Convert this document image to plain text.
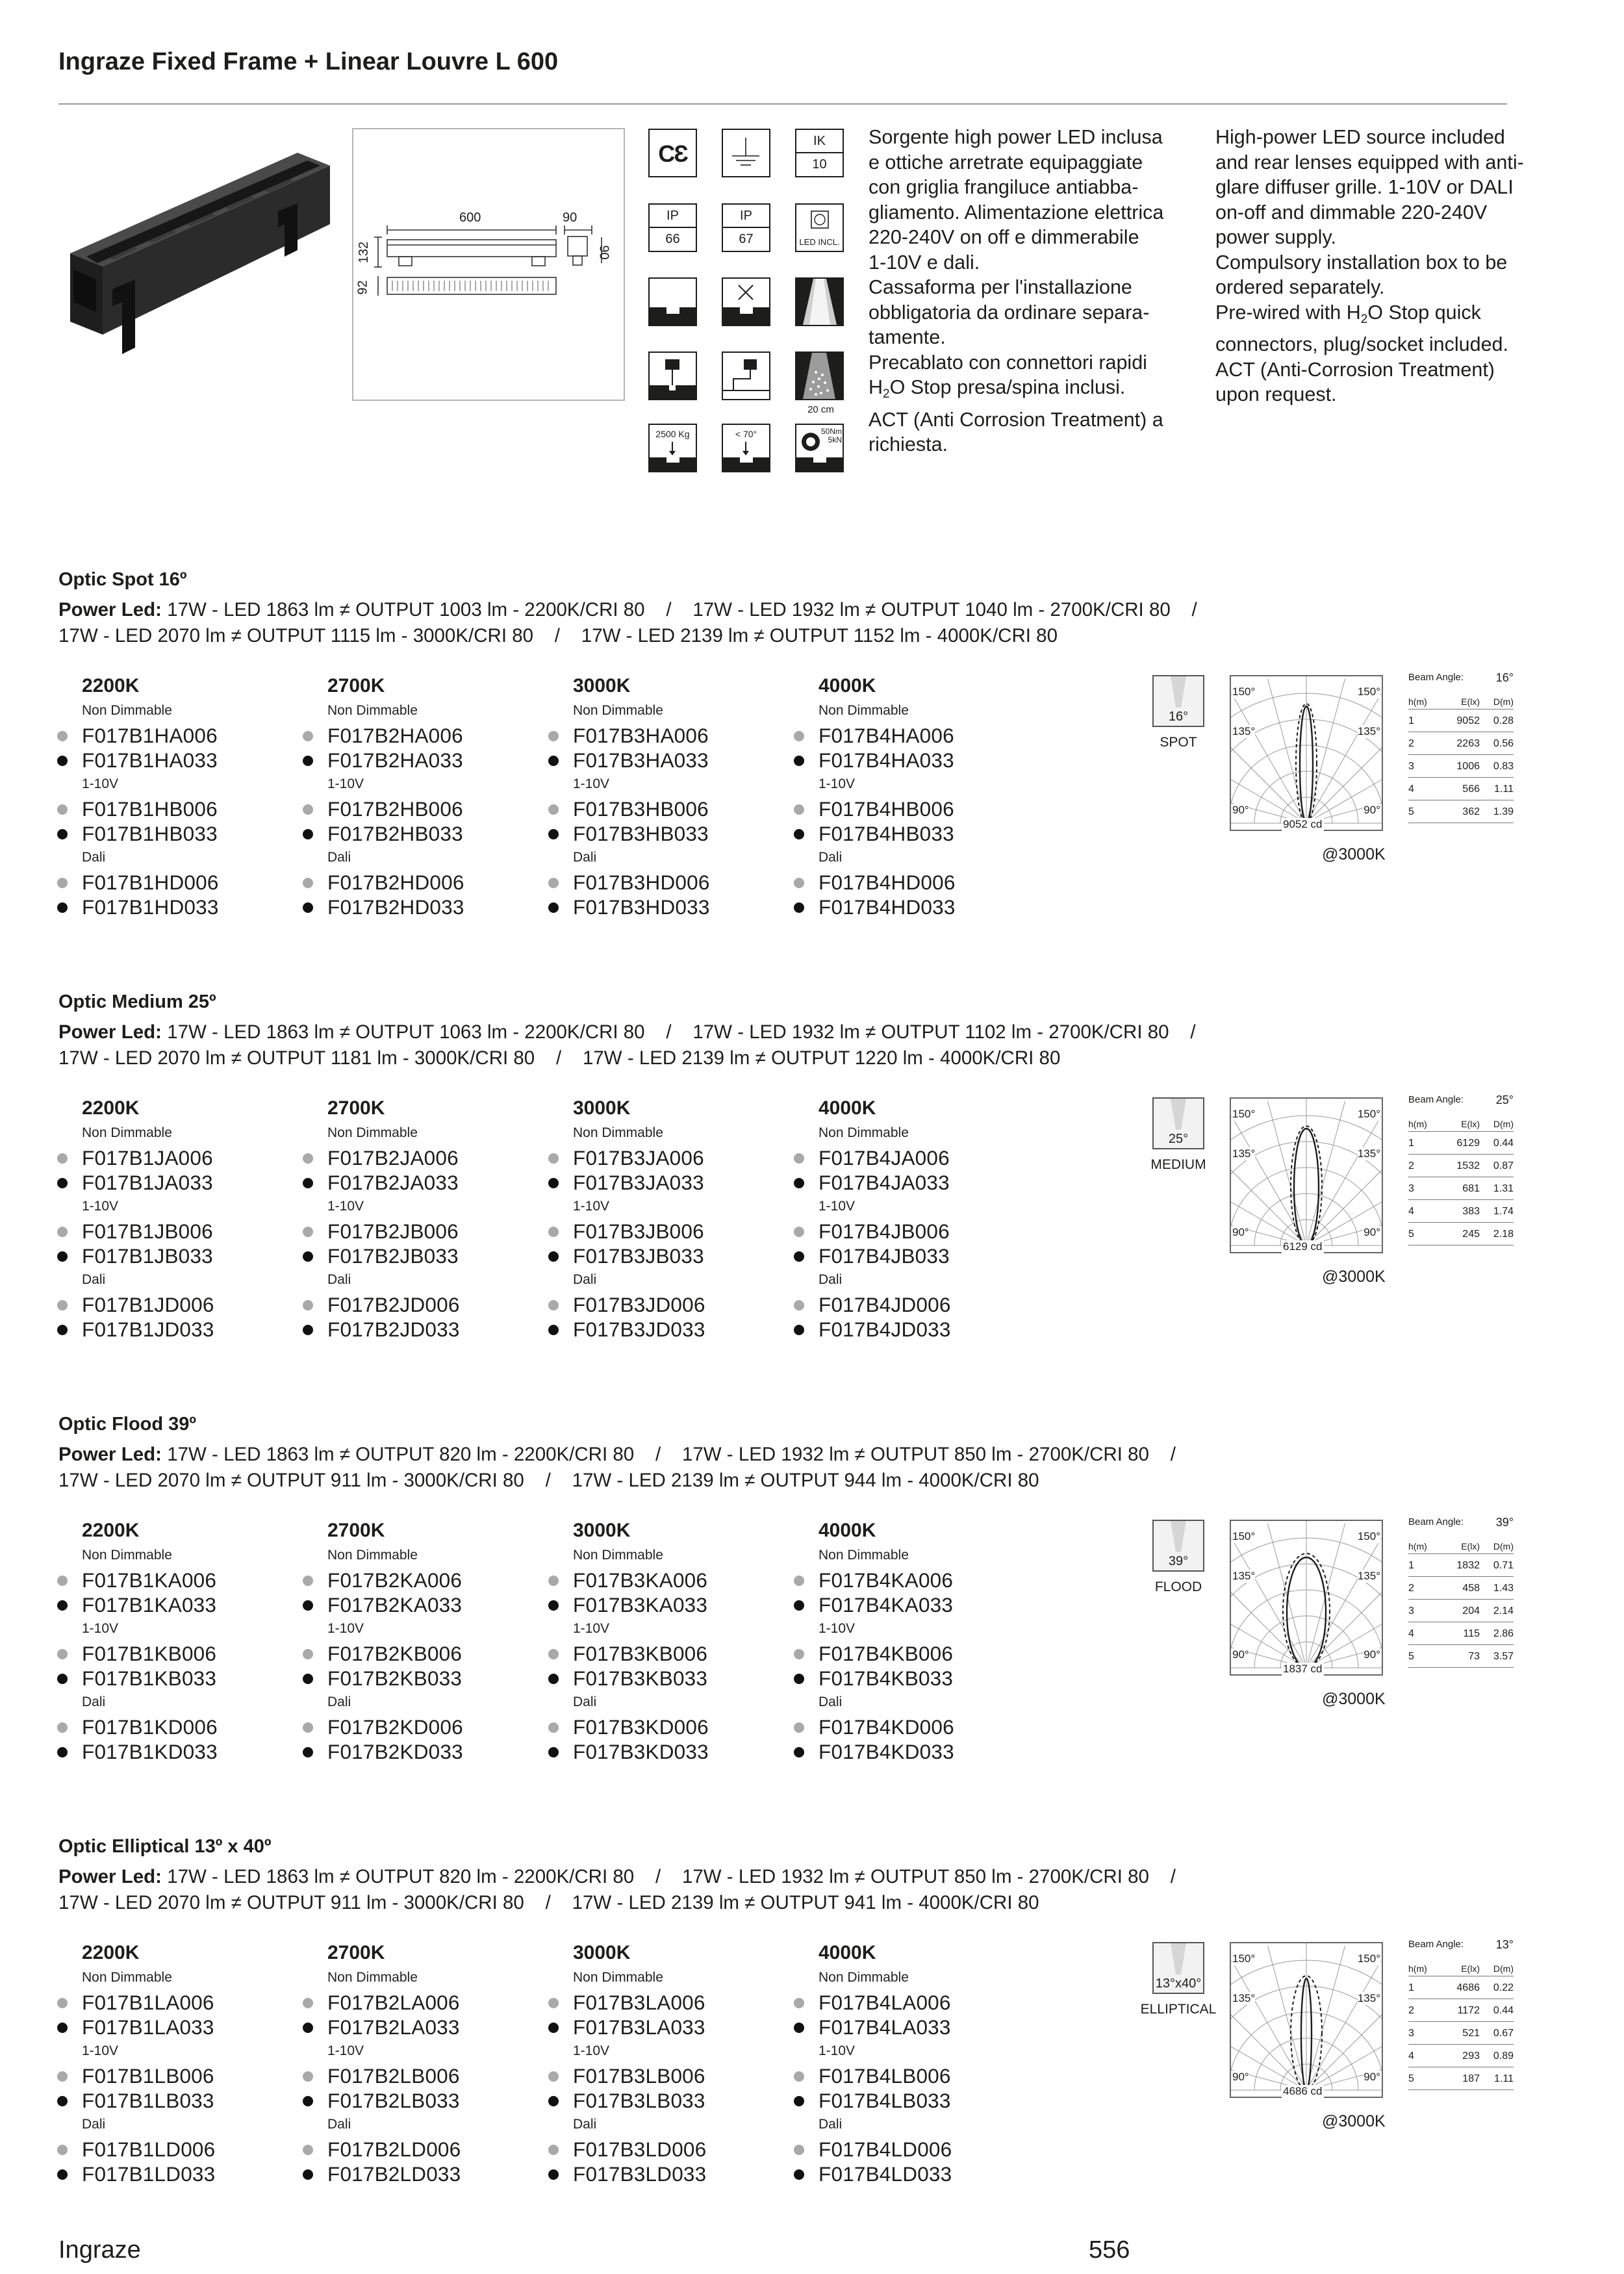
Ingraze Fixed Frame + Linear Louvre L 600
600	90
132	90
92
CƐ	IK
10
IP
66
IP
67	LED INCL.
20 cm
2500 Kg	< 70°	50Nm
5kN
Sorgente high power LED inclusa
e ottiche arretrate equipaggiate
con griglia frangiluce antiabba-
gliamento. Alimentazione elettrica
220-240V on off e dimmerabile
1-10V e dali.
Cassaforma per l'installazione
obbligatoria da ordinare separa-
tamente.
Precablato con connettori rapidi
$H_2O$ Stop presa/spina inclusi.
ACT (Anti Corrosion Treatment) a
richiesta.
High-power LED source included
and rear lenses equipped with anti-
glare diffuser grille. 1-10V or DALI
on-off and dimmable 220-240V
power supply.
Compulsory installation box to be
ordered separately.
Pre-wired with $H_2O$ Stop quick
connectors, plug/socket included.
ACT (Anti-Corrosion Treatment)
upon request.
Optic Spot 16º
Power Led: 17W - LED 1863 lm ≠ OUTPUT 1003 lm - 2200K/CRI 80    /    17W - LED 1932 lm ≠ OUTPUT 1040 lm - 2700K/CRI 80    /
17W - LED 2070 lm ≠ OUTPUT 1115 lm - 3000K/CRI 80    /    17W - LED 2139 lm ≠ OUTPUT 1152 lm - 4000K/CRI 80
2200K
Non Dimmable
F017B1HA006
F017B1HA033
1-10V
F017B1HB006
F017B1HB033
Dali
F017B1HD006
F017B1HD033
2700K
Non Dimmable
F017B2HA006
F017B2HA033
1-10V
F017B2HB006
F017B2HB033
Dali
F017B2HD006
F017B2HD033
3000K
Non Dimmable
F017B3HA006
F017B3HA033
1-10V
F017B3HB006
F017B3HB033
Dali
F017B3HD006
F017B3HD033
4000K
Non Dimmable
F017B4HA006
F017B4HA033
1-10V
F017B4HB006
F017B4HB033
Dali
F017B4HD006
F017B4HD033
16°
SPOT
150°	150°
135°	135°
90°	90°
9052 cd
@3000K
Beam Angle:	16°
h(m)	E(lx)	D(m)
1	9052	0.28
2	2263	0.56
3	1006	0.83
4	566	1.11
5	362	1.39
Optic Medium 25º
Power Led: 17W - LED 1863 lm ≠ OUTPUT 1063 lm - 2200K/CRI 80    /    17W - LED 1932 lm ≠ OUTPUT 1102 lm - 2700K/CRI 80    /
17W - LED 2070 lm ≠ OUTPUT 1181 lm - 3000K/CRI 80    /    17W - LED 2139 lm ≠ OUTPUT 1220 lm - 4000K/CRI 80
2200K
Non Dimmable
F017B1JA006
F017B1JA033
1-10V
F017B1JB006
F017B1JB033
Dali
F017B1JD006
F017B1JD033
2700K
Non Dimmable
F017B2JA006
F017B2JA033
1-10V
F017B2JB006
F017B2JB033
Dali
F017B2JD006
F017B2JD033
3000K
Non Dimmable
F017B3JA006
F017B3JA033
1-10V
F017B3JB006
F017B3JB033
Dali
F017B3JD006
F017B3JD033
4000K
Non Dimmable
F017B4JA006
F017B4JA033
1-10V
F017B4JB006
F017B4JB033
Dali
F017B4JD006
F017B4JD033
25°
MEDIUM
150°	150°
135°	135°
90°	90°
6129 cd
@3000K
Beam Angle:	25°
h(m)	E(lx)	D(m)
1	6129	0.44
2	1532	0.87
3	681	1.31
4	383	1.74
5	245	2.18
Optic Flood 39º
Power Led: 17W - LED 1863 lm ≠ OUTPUT 820 lm - 2200K/CRI 80    /    17W - LED 1932 lm ≠ OUTPUT 850 lm - 2700K/CRI 80    /
17W - LED 2070 lm ≠ OUTPUT 911 lm - 3000K/CRI 80    /    17W - LED 2139 lm ≠ OUTPUT 944 lm - 4000K/CRI 80
2200K
Non Dimmable
F017B1KA006
F017B1KA033
1-10V
F017B1KB006
F017B1KB033
Dali
F017B1KD006
F017B1KD033
2700K
Non Dimmable
F017B2KA006
F017B2KA033
1-10V
F017B2KB006
F017B2KB033
Dali
F017B2KD006
F017B2KD033
3000K
Non Dimmable
F017B3KA006
F017B3KA033
1-10V
F017B3KB006
F017B3KB033
Dali
F017B3KD006
F017B3KD033
4000K
Non Dimmable
F017B4KA006
F017B4KA033
1-10V
F017B4KB006
F017B4KB033
Dali
F017B4KD006
F017B4KD033
39°
FLOOD
150°	150°
135°	135°
90°	90°
1837 cd
@3000K
Beam Angle:	39°
h(m)	E(lx)	D(m)
1	1832	0.71
2	458	1.43
3	204	2.14
4	115	2.86
5	73	3.57
Optic Elliptical 13º x 40º
Power Led: 17W - LED 1863 lm ≠ OUTPUT 820 lm - 2200K/CRI 80    /    17W - LED 1932 lm ≠ OUTPUT 850 lm - 2700K/CRI 80    /
17W - LED 2070 lm ≠ OUTPUT 911 lm - 3000K/CRI 80    /    17W - LED 2139 lm ≠ OUTPUT 941 lm - 4000K/CRI 80
2200K
Non Dimmable
F017B1LA006
F017B1LA033
1-10V
F017B1LB006
F017B1LB033
Dali
F017B1LD006
F017B1LD033
2700K
Non Dimmable
F017B2LA006
F017B2LA033
1-10V
F017B2LB006
F017B2LB033
Dali
F017B2LD006
F017B2LD033
3000K
Non Dimmable
F017B3LA006
F017B3LA033
1-10V
F017B3LB006
F017B3LB033
Dali
F017B3LD006
F017B3LD033
4000K
Non Dimmable
F017B4LA006
F017B4LA033
1-10V
F017B4LB006
F017B4LB033
Dali
F017B4LD006
F017B4LD033
13°x40°
ELLIPTICAL
150°	150°
135°	135°
90°	90°
4686 cd
@3000K
Beam Angle:	13°
h(m)	E(lx)	D(m)
1	4686	0.22
2	1172	0.44
3	521	0.67
4	293	0.89
5	187	1.11
Ingraze	556
